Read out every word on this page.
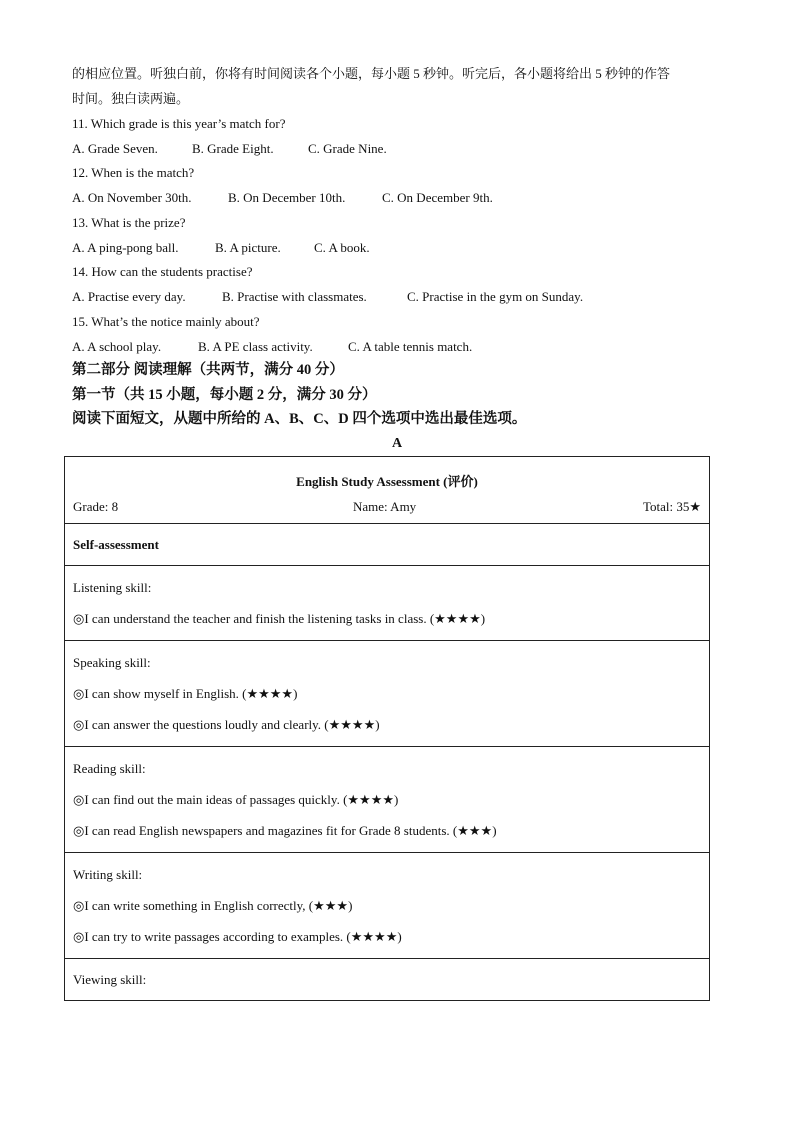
的相应位置。听独白前，你将有时间阅读各个小题，每小题 5 秒钟。听完后，各小题将给出 5 秒钟的作答
时间。独白读两遍。
11. Which grade is this year’s match for?
A. Grade Seven.	B. Grade Eight.	C. Grade Nine.
12. When is the match?
A. On November 30th.	B. On December 10th.	C. On December 9th.
13. What is the prize?
A. A ping-pong ball.	B. A picture.	C. A book.
14. How can the students practise?
A. Practise every day.	B. Practise with classmates.	C. Practise in the gym on Sunday.
15. What’s the notice mainly about?
A. A school play.	B. A PE class activity.	C. A table tennis match.
第二部分 阅读理解（共两节，满分 40 分）
第一节（共 15 小题，每小题 2 分，满分 30 分）
阅读下面短文，从题中所给的 A、B、C、D 四个选项中选出最佳选项。
A
English Study Assessment (评价)
Grade: 8	Name: Amy	Total: 35★

Self-assessment

Listening skill:

◎I can understand the teacher and finish the listening tasks in class. (★★★★)

Speaking skill:

◎I can show myself in English. (★★★★)

◎I can answer the questions loudly and clearly. (★★★★)

Reading skill:

◎I can find out the main ideas of passages quickly. (★★★★)

◎I can read English newspapers and magazines fit for Grade 8 students. (★★★)

Writing skill:

◎I can write something in English correctly, (★★★)

◎I can try to write passages according to examples. (★★★★)

Viewing skill:
